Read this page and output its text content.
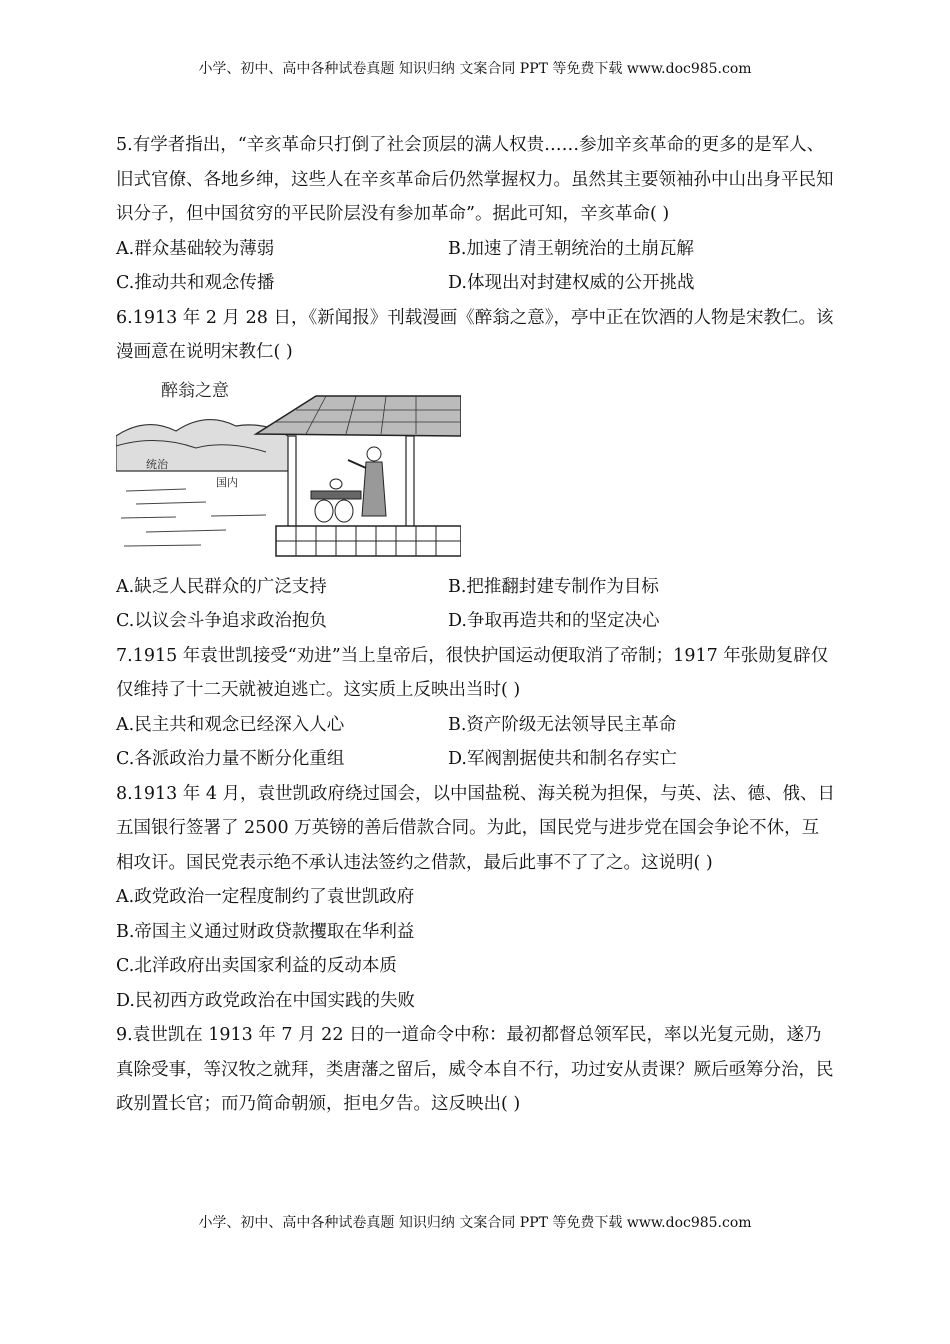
小学、初中、高中各种试卷真题 知识归纳 文案合同 PPT 等免费下载 www.doc985.com

5.有学者指出，“辛亥革命只打倒了社会顶层的满人权贵……参加辛亥革命的更多的是军人、旧式官僚、各地乡绅，这些人在辛亥革命后仍然掌握权力。虽然其主要领袖孙中山出身平民知识分子，但中国贫穷的平民阶层没有参加革命”。据此可知，辛亥革命( )

A.群众基础较为薄弱	B.加速了清王朝统治的土崩瓦解
C.推动共和观念传播	D.体现出对封建权威的公开挑战

6.1913 年 2 月 28 日，《新闻报》刊载漫画《醉翁之意》，亭中正在饮酒的人物是宋教仁。该漫画意在说明宋教仁( )

醉翁之意
统治
国内
A.缺乏人民群众的广泛支持	B.把推翻封建专制作为目标
C.以议会斗争追求政治抱负	D.争取再造共和的坚定决心

7.1915 年袁世凯接受“劝进”当上皇帝后，很快护国运动便取消了帝制；1917 年张勋复辟仅仅维持了十二天就被迫逃亡。这实质上反映出当时( )

A.民主共和观念已经深入人心	B.资产阶级无法领导民主革命
C.各派政治力量不断分化重组	D.军阀割据使共和制名存实亡

8.1913 年 4 月，袁世凯政府绕过国会，以中国盐税、海关税为担保，与英、法、德、俄、日五国银行签署了 2500 万英镑的善后借款合同。为此，国民党与进步党在国会争论不休，互相攻讦。国民党表示绝不承认违法签约之借款，最后此事不了了之。这说明( )

A.政党政治一定程度制约了袁世凯政府
B.帝国主义通过财政贷款攫取在华利益
C.北洋政府出卖国家利益的反动本质
D.民初西方政党政治在中国实践的失败

9.袁世凯在 1913 年 7 月 22 日的一道命令中称：最初都督总领军民，率以光复元勋，遂乃真除受事，等汉牧之就拜，类唐藩之留后，威令本自不行，功过安从责课？厥后亟筹分治，民政别置长官；而乃简命朝颁，拒电夕告。这反映出( )

小学、初中、高中各种试卷真题 知识归纳 文案合同 PPT 等免费下载 www.doc985.com
